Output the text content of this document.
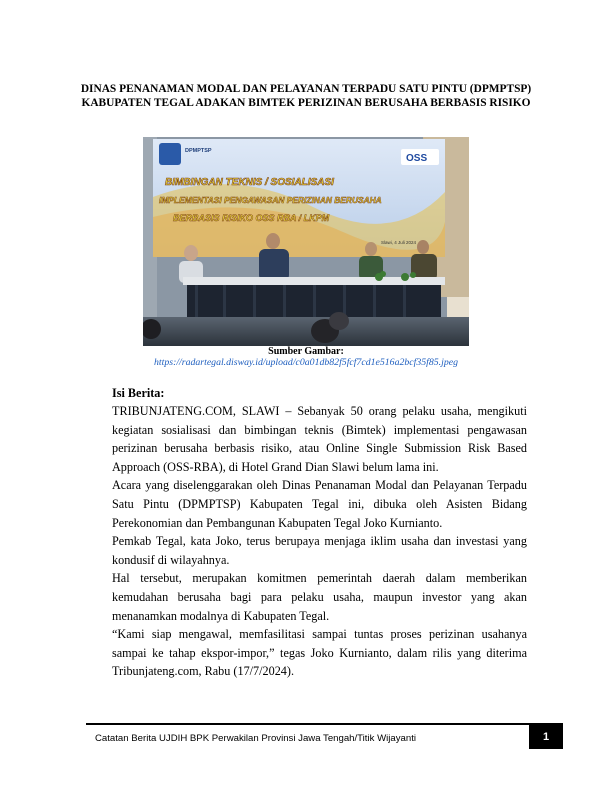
DINAS PENANAMAN MODAL DAN PELAYANAN TERPADU SATU PINTU (DPMPTSP) KABUPATEN TEGAL ADAKAN BIMTEK PERIZINAN BERUSAHA BERBASIS RISIKO
DPMPTSP
OSS
BIMBINGAN TEKNIS / SOSIALISASI
IMPLEMENTASI PENGAWASAN PERIZINAN BERUSAHA
BERBASIS RISIKO OSS RBA / LKPM
Slawi, 4 Juli 2024
Sumber Gambar:
https://radartegal.disway.id/upload/c0a01db82f5fcf7cd1e516a2bcf35f85.jpeg
Isi Berita:

TRIBUNJATENG.COM, SLAWI – Sebanyak 50 orang pelaku usaha, mengikuti kegiatan sosialisasi dan bimbingan teknis (Bimtek) implementasi pengawasan perizinan berusaha berbasis risiko, atau Online Single Submission Risk Based Approach (OSS-RBA), di Hotel Grand Dian Slawi belum lama ini.

Acara yang diselenggarakan oleh Dinas Penanaman Modal dan Pelayanan Terpadu Satu Pintu (DPMPTSP) Kabupaten Tegal ini, dibuka oleh Asisten Bidang Perekonomian dan Pembangunan Kabupaten Tegal Joko Kurnianto.

Pemkab Tegal, kata Joko, terus berupaya menjaga iklim usaha dan investasi yang kondusif di wilayahnya.

Hal tersebut, merupakan komitmen pemerintah daerah dalam memberikan kemudahan berusaha bagi para pelaku usaha, maupun investor yang akan menanamkan modalnya di Kabupaten Tegal.

“Kami siap mengawal, memfasilitasi sampai tuntas proses perizinan usahanya sampai ke tahap ekspor-impor,” tegas Joko Kurnianto, dalam rilis yang diterima Tribunjateng.com, Rabu (17/7/2024).

Catatan Berita UJDIH BPK Perwakilan Provinsi Jawa Tengah/Titik Wijayanti	1
